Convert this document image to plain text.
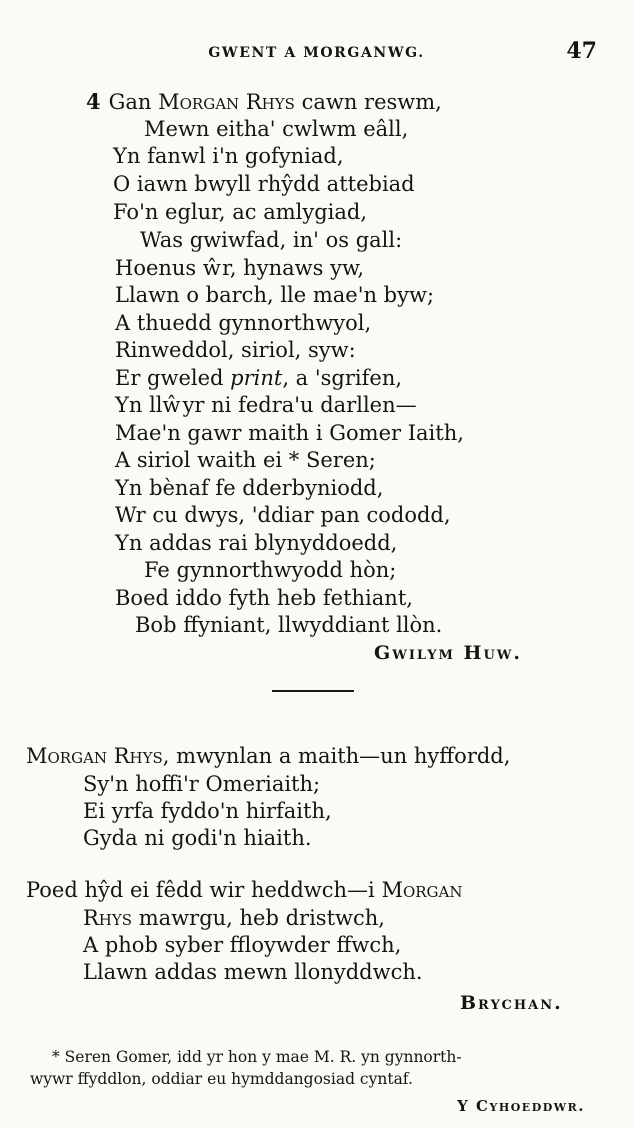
GWENT A MORGANWG.	47
4 Gan Morgan Rhys cawn reswm,
Mewn eitha' cwlwm eâll,
Yn fanwl i'n gofyniad,
O iawn bwyll rhŷdd attebiad
Fo'n eglur, ac amlygiad,
Was gwiwfad, in' os gall:
Hoenus ŵr, hynaws yw,
Llawn o barch, lle mae'n byw;
A thuedd gynnorthwyol,
Rinweddol, siriol, syw:
Er gweled print, a 'sgrifen,
Yn llŵyr ni fedra'u darllen—
Mae'n gawr maith i Gomer Iaith,
A siriol waith ei * Seren;
Yn bènaf fe dderbyniodd,
Wr cu dwys, 'ddiar pan cododd,
Yn addas rai blynyddoedd,
Fe gynnorthwyodd hòn;
Boed iddo fyth heb fethiant,
Bob ffyniant, llwyddiant llòn.
Gwilym Huw.
Morgan Rhys, mwynlan a maith—un hyffordd,
Sy'n hoffi'r Omeriaith;
Ei yrfa fyddo'n hirfaith,
Gyda ni godi'n hiaith.
Poed hŷd ei fêdd wir heddwch—i Morgan
Rhys mawrgu, heb dristwch,
A phob syber ffloywder ffwch,
Llawn addas mewn llonyddwch.
Brychan.
* Seren Gomer, idd yr hon y mae M. R. yn gynnorth-
wywr ffyddlon, oddiar eu hymddangosiad cyntaf.
Y Cyhoeddwr.
